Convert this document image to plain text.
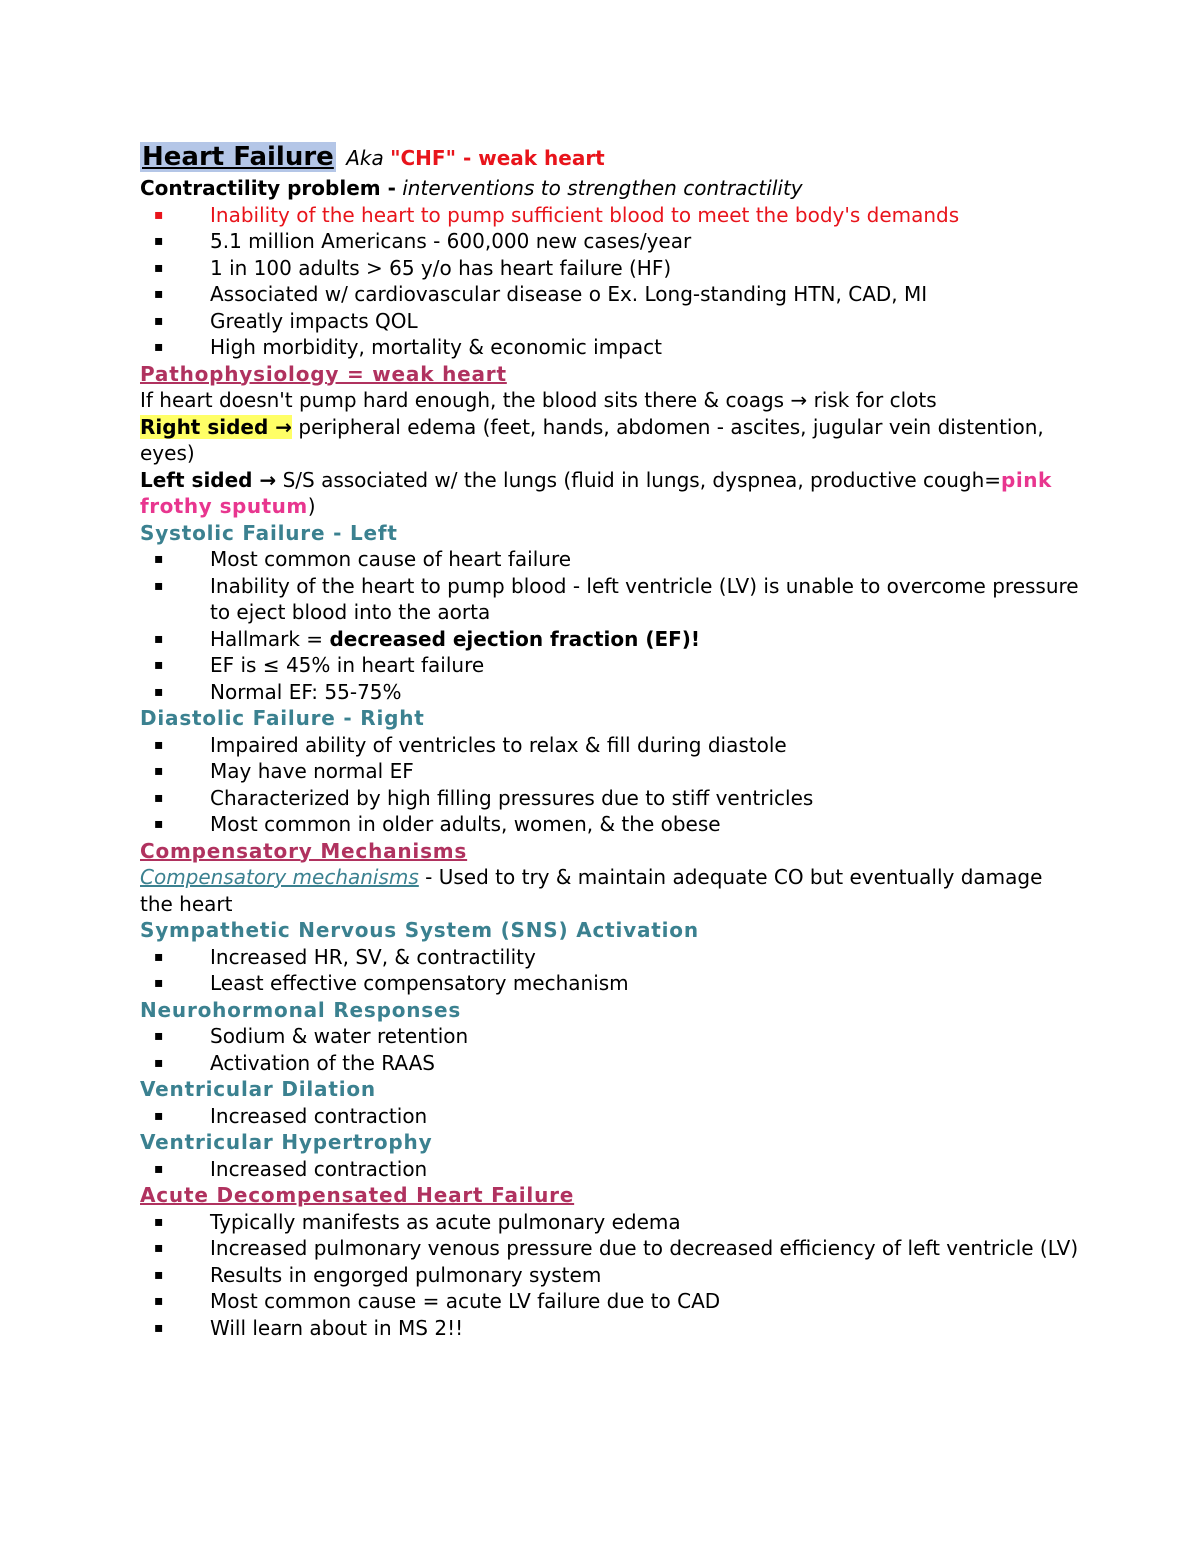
Heart Failure Aka "CHF" - weak heart
Contractility problem - interventions to strengthen contractility
▪ Inability of the heart to pump sufficient blood to meet the body's demands
▪ 5.1 million Americans - 600,000 new cases/year
▪ 1 in 100 adults > 65 y/o has heart failure (HF)
▪ Associated w/ cardiovascular disease o Ex. Long-standing HTN, CAD, MI
▪ Greatly impacts QOL
▪ High morbidity, mortality & economic impact
Pathophysiology = weak heart
If heart doesn't pump hard enough, the blood sits there & coags → risk for clots
Right sided → peripheral edema (feet, hands, abdomen - ascites, jugular vein distention, eyes)
Left sided → S/S associated w/ the lungs (fluid in lungs, dyspnea, productive cough=pink frothy sputum)
Systolic Failure - Left
▪ Most common cause of heart failure
▪ Inability of the heart to pump blood - left ventricle (LV) is unable to overcome pressure to eject blood into the aorta
▪ Hallmark = decreased ejection fraction (EF)!
▪ EF is ≤ 45% in heart failure
▪ Normal EF: 55-75%
Diastolic Failure - Right
▪ Impaired ability of ventricles to relax & fill during diastole
▪ May have normal EF
▪ Characterized by high filling pressures due to stiff ventricles
▪ Most common in older adults, women, & the obese
Compensatory Mechanisms
Compensatory mechanisms - Used to try & maintain adequate CO but eventually damage the heart
Sympathetic Nervous System (SNS) Activation
▪ Increased HR, SV, & contractility
▪ Least effective compensatory mechanism
Neurohormonal Responses
▪ Sodium & water retention
▪ Activation of the RAAS
Ventricular Dilation
▪ Increased contraction
Ventricular Hypertrophy
▪ Increased contraction
Acute Decompensated Heart Failure
▪ Typically manifests as acute pulmonary edema
▪ Increased pulmonary venous pressure due to decreased efficiency of left ventricle (LV)
▪ Results in engorged pulmonary system
▪ Most common cause = acute LV failure due to CAD
▪ Will learn about in MS 2!!
